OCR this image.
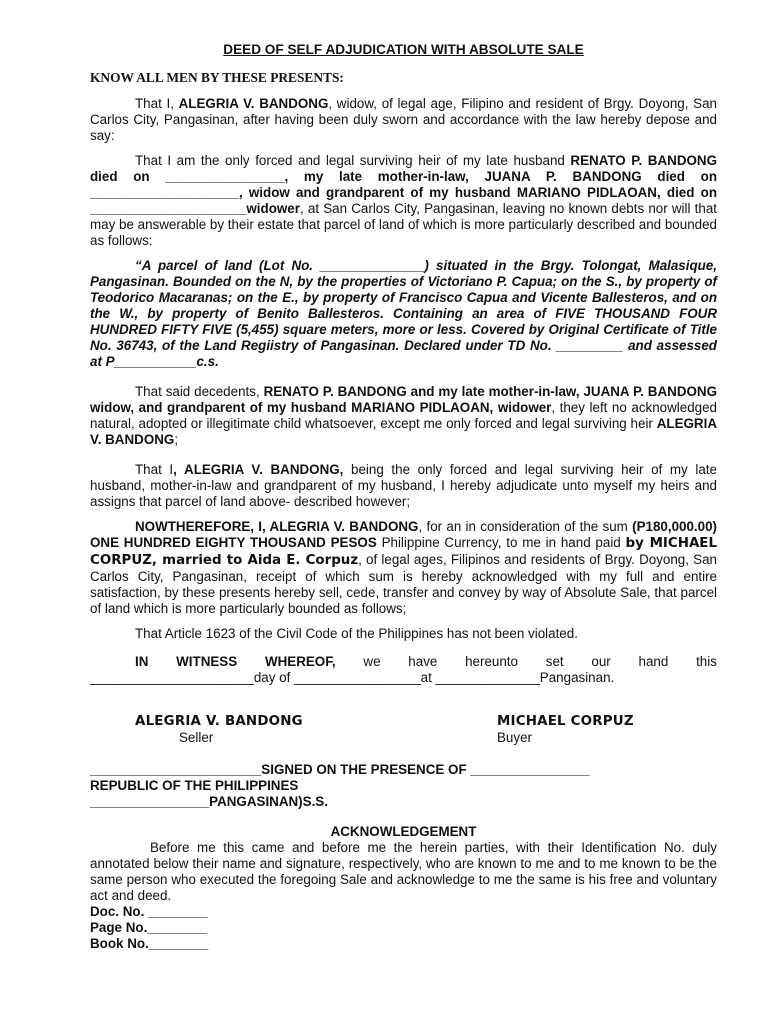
DEED OF SELF ADJUDICATION WITH ABSOLUTE SALE
KNOW ALL MEN BY THESE PRESENTS:

That I, ALEGRIA V. BANDONG, widow, of legal age, Filipino and resident of Brgy. Doyong, San Carlos City, Pangasinan, after having been duly sworn and accordance with the law hereby depose and say:

That I am the only forced and legal surviving heir of my late husband RENATO P. BANDONG died on ________________, my late mother-in-law, JUANA P. BANDONG died on ____________________, widow and grandparent of my husband MARIANO PIDLAOAN, died on _____________________widower, at San Carlos City, Pangasinan, leaving no known debts nor will that may be answerable by their estate that parcel of land of which is more particularly described and bounded as follows:

“A parcel of land (Lot No. ______________) situated in the Brgy. Tolongat, Malasique, Pangasinan. Bounded on the N, by the properties of Victoriano P. Capua; on the S., by property of Teodorico Macaranas; on the E., by property of Francisco Capua and Vicente Ballesteros, and on the W., by property of Benito Ballesteros. Containing an area of FIVE THOUSAND FOUR HUNDRED FIFTY FIVE (5,455) square meters, more or less. Covered by Original Certificate of Title No. 36743, of the Land Regiistry of Pangasinan. Declared under TD No. _________ and assessed at P___________c.s.

That said decedents, RENATO P. BANDONG and my late mother-in-law, JUANA P. BANDONG widow, and grandparent of my husband MARIANO PIDLAOAN, widower, they left no acknowledged natural, adopted or illegitimate child whatsoever, except me only forced and legal surviving heir ALEGRIA V. BANDONG;

That I, ALEGRIA V. BANDONG, being the only forced and legal surviving heir of my late husband, mother-in-law and grandparent of my husband, I hereby adjudicate unto myself my heirs and assigns that parcel of land above- described however;

NOWTHEREFORE, I, ALEGRIA V. BANDONG, for an in consideration of the sum (P180,000.00) ONE HUNDRED EIGHTY THOUSAND PESOS Philippine Currency, to me in hand paid by MICHAEL CORPUZ, married to Aida E. Corpuz, of legal ages, Filipinos and residents of Brgy. Doyong, San Carlos City, Pangasinan, receipt of which sum is hereby acknowledged with my full and entire satisfaction, by these presents hereby sell, cede, transfer and convey by way of Absolute Sale, that parcel of land which is more particularly bounded as follows;

That Article 1623 of the Civil Code of the Philippines has not been violated.

IN WITNESS WHEREOF, we have hereunto set our hand this

______________________day of _________________at ______________Pangasinan.

ALEGRIA V. BANDONG
Seller
MICHAEL CORPUZ
Buyer

_______________________SIGNED ON THE PRESENCE OF ________________

REPUBLIC OF THE PHILIPPINES

________________PANGASINAN)S.S.

ACKNOWLEDGEMENT

Before me this came and before me the herein parties, with their Identification No. duly annotated below their name and signature, respectively, who are known to me and to me known to be the same person who executed the foregoing Sale and acknowledge to me the same is his free and voluntary act and deed.

Doc. No. ________

Page No.________

Book No.________
